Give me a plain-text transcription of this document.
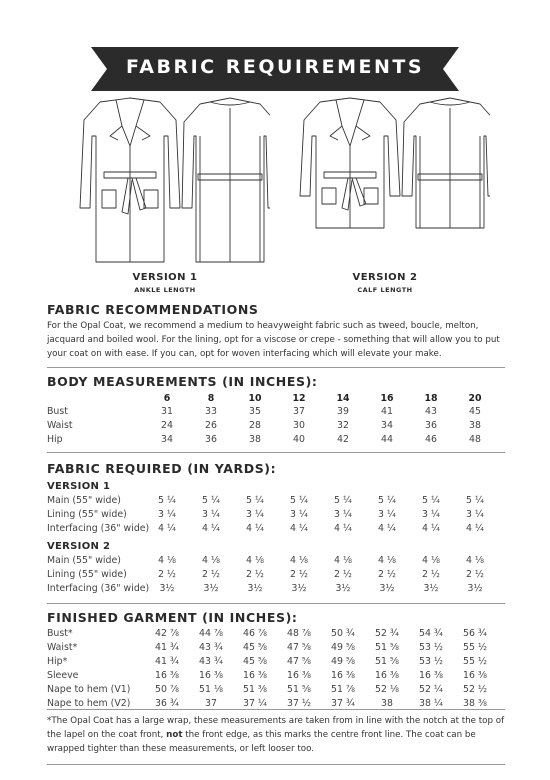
FABRIC REQUIREMENTS
VERSION 1
ANKLE LENGTH
VERSION 2
CALF LENGTH
FABRIC RECOMMENDATIONS
For the Opal Coat, we recommend a medium to heavyweight fabric such as tweed, boucle, melton, jacquard and boiled wool. For the lining, opt for a viscose or crepe - something that will allow you to put your coat on with ease. If you can, opt for woven interfacing which will elevate your make.
BODY MEASUREMENTS (IN INCHES):
6	8	10	12	14	16	18	20
Bust	31	33	35	37	39	41	43	45
Waist	24	26	28	30	32	34	36	38
Hip	34	36	38	40	42	44	46	48
FABRIC REQUIRED (IN YARDS):
VERSION 1
Main (55" wide)	5 ¼	5 ¼	5 ¼	5 ¼	5 ¼	5 ¼	5 ¼	5 ¼
Lining (55" wide)	3 ¼	3 ¼	3 ¼	3 ¼	3 ¼	3 ¼	3 ¼	3 ¼
Interfacing (36" wide) 4 ¼	4 ¼	4 ¼	4 ¼	4 ¼	4 ¼	4 ¼	4 ¼
VERSION 2
Main (55" wide)	4 ⅛	4 ⅛	4 ⅛	4 ⅛	4 ⅛	4 ⅛	4 ⅛	4 ⅛
Lining (55" wide)	2 ½	2 ½	2 ½	2 ½	2 ½	2 ½	2 ½	2 ½
Interfacing (36" wide)	3½	3½	3½	3½	3½	3½	3½	3½
FINISHED GARMENT (IN INCHES):
Bust*	42 ⅞	44 ⅞	46 ⅞	48 ⅞	50 ¾	52 ¾	54 ¾	56 ¾
Waist*	41 ¾	43 ¾	45 ⅝	47 ⅝	49 ⅝	51 ⅝	53 ½	55 ½
Hip*	41 ¾	43 ¾	45 ⅝	47 ⅝	49 ⅝	51 ⅝	53 ½	55 ½
Sleeve	16 ⅜	16 ⅜	16 ⅜	16 ⅜	16 ⅜	16 ⅜	16 ⅜	16 ⅜
Nape to hem (V1)	50 ⅞	51 ⅛	51 ⅜	51 ⅝	51 ⅞	52 ⅛	52 ¼	52 ½
Nape to hem (V2)	36 ¾	37	37 ¼	37 ½	37 ¾	38	38 ¼	38 ⅜
*The Opal Coat has a large wrap, these measurements are taken from in line with the notch at the top of the lapel on the coat front, not the front edge, as this marks the centre front line. The coat can be wrapped tighter than these measurements, or left looser too.
